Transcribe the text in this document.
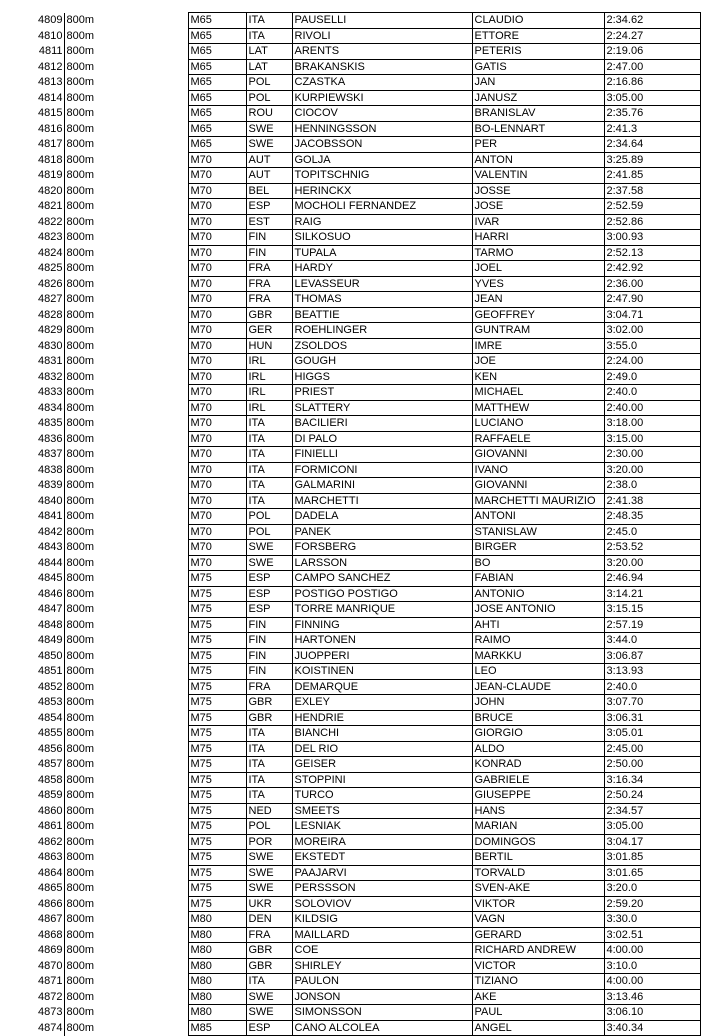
4809	800m	M65	ITA	PAUSELLI	CLAUDIO	2:34.62
4810	800m	M65	ITA	RIVOLI	ETTORE	2:24.27
4811	800m	M65	LAT	ARENTS	PETERIS	2:19.06
4812	800m	M65	LAT	BRAKANSKIS	GATIS	2:47.00
4813	800m	M65	POL	CZASTKA	JAN	2:16.86
4814	800m	M65	POL	KURPIEWSKI	JANUSZ	3:05.00
4815	800m	M65	ROU	CIOCOV	BRANISLAV	2:35.76
4816	800m	M65	SWE	HENNINGSSON	BO-LENNART	2:41.3
4817	800m	M65	SWE	JACOBSSON	PER	2:34.64
4818	800m	M70	AUT	GOLJA	ANTON	3:25.89
4819	800m	M70	AUT	TOPITSCHNIG	VALENTIN	2:41.85
4820	800m	M70	BEL	HERINCKX	JOSSE	2:37.58
4821	800m	M70	ESP	MOCHOLI FERNANDEZ	JOSE	2:52.59
4822	800m	M70	EST	RAIG	IVAR	2:52.86
4823	800m	M70	FIN	SILKOSUO	HARRI	3:00.93
4824	800m	M70	FIN	TUPALA	TARMO	2:52.13
4825	800m	M70	FRA	HARDY	JOEL	2:42.92
4826	800m	M70	FRA	LEVASSEUR	YVES	2:36.00
4827	800m	M70	FRA	THOMAS	JEAN	2:47.90
4828	800m	M70	GBR	BEATTIE	GEOFFREY	3:04.71
4829	800m	M70	GER	ROEHLINGER	GUNTRAM	3:02.00
4830	800m	M70	HUN	ZSOLDOS	IMRE	3:55.0
4831	800m	M70	IRL	GOUGH	JOE	2:24.00
4832	800m	M70	IRL	HIGGS	KEN	2:49.0
4833	800m	M70	IRL	PRIEST	MICHAEL	2:40.0
4834	800m	M70	IRL	SLATTERY	MATTHEW	2:40.00
4835	800m	M70	ITA	BACILIERI	LUCIANO	3:18.00
4836	800m	M70	ITA	DI PALO	RAFFAELE	3:15.00
4837	800m	M70	ITA	FINIELLI	GIOVANNI	2:30.00
4838	800m	M70	ITA	FORMICONI	IVANO	3:20.00
4839	800m	M70	ITA	GALMARINI	GIOVANNI	2:38.0
4840	800m	M70	ITA	MARCHETTI	MARCHETTI MAURIZIO	2:41.38
4841	800m	M70	POL	DADELA	ANTONI	2:48.35
4842	800m	M70	POL	PANEK	STANISLAW	2:45.0
4843	800m	M70	SWE	FORSBERG	BIRGER	2:53.52
4844	800m	M70	SWE	LARSSON	BO	3:20.00
4845	800m	M75	ESP	CAMPO SANCHEZ	FABIAN	2:46.94
4846	800m	M75	ESP	POSTIGO POSTIGO	ANTONIO	3:14.21
4847	800m	M75	ESP	TORRE MANRIQUE	JOSE ANTONIO	3:15.15
4848	800m	M75	FIN	FINNING	AHTI	2:57.19
4849	800m	M75	FIN	HARTONEN	RAIMO	3:44.0
4850	800m	M75	FIN	JUOPPERI	MARKKU	3:06.87
4851	800m	M75	FIN	KOISTINEN	LEO	3:13.93
4852	800m	M75	FRA	DEMARQUE	JEAN-CLAUDE	2:40.0
4853	800m	M75	GBR	EXLEY	JOHN	3:07.70
4854	800m	M75	GBR	HENDRIE	BRUCE	3:06.31
4855	800m	M75	ITA	BIANCHI	GIORGIO	3:05.01
4856	800m	M75	ITA	DEL RIO	ALDO	2:45.00
4857	800m	M75	ITA	GEISER	KONRAD	2:50.00
4858	800m	M75	ITA	STOPPINI	GABRIELE	3:16.34
4859	800m	M75	ITA	TURCO	GIUSEPPE	2:50.24
4860	800m	M75	NED	SMEETS	HANS	2:34.57
4861	800m	M75	POL	LESNIAK	MARIAN	3:05.00
4862	800m	M75	POR	MOREIRA	DOMINGOS	3:04.17
4863	800m	M75	SWE	EKSTEDT	BERTIL	3:01.85
4864	800m	M75	SWE	PAAJARVI	TORVALD	3:01.65
4865	800m	M75	SWE	PERSSSON	SVEN-AKE	3:20.0
4866	800m	M75	UKR	SOLOVIOV	VIKTOR	2:59.20
4867	800m	M80	DEN	KILDSIG	VAGN	3:30.0
4868	800m	M80	FRA	MAILLARD	GERARD	3:02.51
4869	800m	M80	GBR	COE	RICHARD ANDREW	4:00.00
4870	800m	M80	GBR	SHIRLEY	VICTOR	3:10.0
4871	800m	M80	ITA	PAULON	TIZIANO	4:00.00
4872	800m	M80	SWE	JONSON	AKE	3:13.46
4873	800m	M80	SWE	SIMONSSON	PAUL	3:06.10
4874	800m	M85	ESP	CANO ALCOLEA	ANGEL	3:40.34
